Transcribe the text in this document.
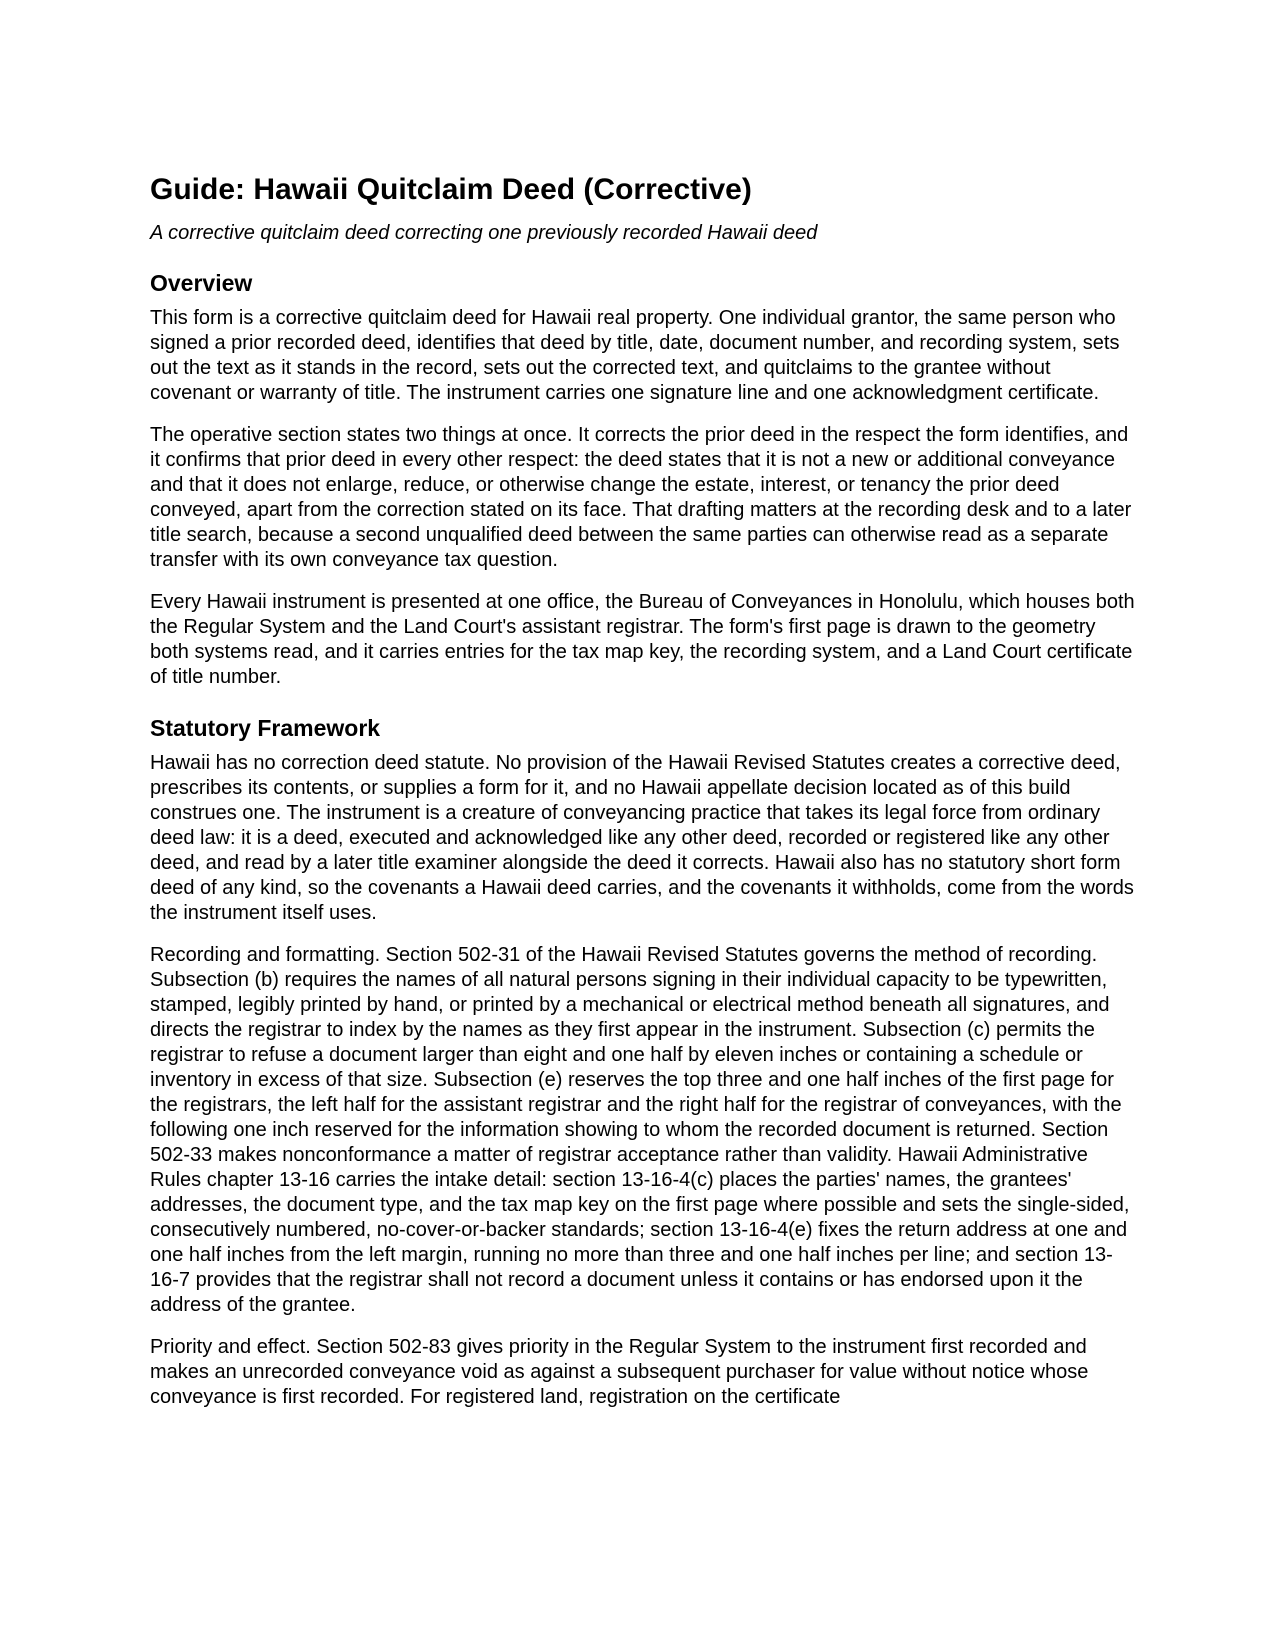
Guide: Hawaii Quitclaim Deed (Corrective)

A corrective quitclaim deed correcting one previously recorded Hawaii deed

Overview

This form is a corrective quitclaim deed for Hawaii real property. One individual grantor, the same person who signed a prior recorded deed, identifies that deed by title, date, document number, and recording system, sets out the text as it stands in the record, sets out the corrected text, and quitclaims to the grantee without covenant or warranty of title. The instrument carries one signature line and one acknowledgment certificate.

The operative section states two things at once. It corrects the prior deed in the respect the form identifies, and it confirms that prior deed in every other respect: the deed states that it is not a new or additional conveyance and that it does not enlarge, reduce, or otherwise change the estate, interest, or tenancy the prior deed conveyed, apart from the correction stated on its face. That drafting matters at the recording desk and to a later title search, because a second unqualified deed between the same parties can otherwise read as a separate transfer with its own conveyance tax question.

Every Hawaii instrument is presented at one office, the Bureau of Conveyances in Honolulu, which houses both the Regular System and the Land Court's assistant registrar. The form's first page is drawn to the geometry both systems read, and it carries entries for the tax map key, the recording system, and a Land Court certificate of title number.

Statutory Framework

Hawaii has no correction deed statute. No provision of the Hawaii Revised Statutes creates a corrective deed, prescribes its contents, or supplies a form for it, and no Hawaii appellate decision located as of this build construes one. The instrument is a creature of conveyancing practice that takes its legal force from ordinary deed law: it is a deed, executed and acknowledged like any other deed, recorded or registered like any other deed, and read by a later title examiner alongside the deed it corrects. Hawaii also has no statutory short form deed of any kind, so the covenants a Hawaii deed carries, and the covenants it withholds, come from the words the instrument itself uses.

Recording and formatting. Section 502-31 of the Hawaii Revised Statutes governs the method of recording. Subsection (b) requires the names of all natural persons signing in their individual capacity to be typewritten, stamped, legibly printed by hand, or printed by a mechanical or electrical method beneath all signatures, and directs the registrar to index by the names as they first appear in the instrument. Subsection (c) permits the registrar to refuse a document larger than eight and one half by eleven inches or containing a schedule or inventory in excess of that size. Subsection (e) reserves the top three and one half inches of the first page for the registrars, the left half for the assistant registrar and the right half for the registrar of conveyances, with the following one inch reserved for the information showing to whom the recorded document is returned. Section 502-33 makes nonconformance a matter of registrar acceptance rather than validity. Hawaii Administrative Rules chapter 13-16 carries the intake detail: section 13-16-4(c) places the parties' names, the grantees' addresses, the document type, and the tax map key on the first page where possible and sets the single-sided, consecutively numbered, no-cover-or-backer standards; section 13-16-4(e) fixes the return address at one and one half inches from the left margin, running no more than three and one half inches per line; and section 13-16-7 provides that the registrar shall not record a document unless it contains or has endorsed upon it the address of the grantee.

Priority and effect. Section 502-83 gives priority in the Regular System to the instrument first recorded and makes an unrecorded conveyance void as against a subsequent purchaser for value without notice whose conveyance is first recorded. For registered land, registration on the certificate
